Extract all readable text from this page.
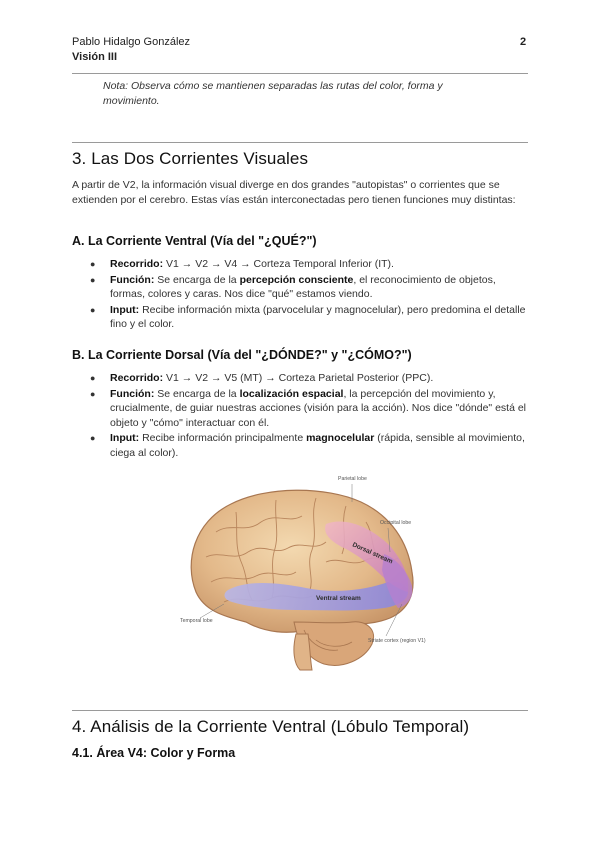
Pablo Hidalgo González	2
Visión III
Nota: Observa cómo se mantienen separadas las rutas del color, forma y movimiento.
3. Las Dos Corrientes Visuales

A partir de V2, la información visual diverge en dos grandes "autopistas" o corrientes que se extienden por el cerebro. Estas vías están interconectadas pero tienen funciones muy distintas:

A. La Corriente Ventral (Vía del "¿QUÉ?")
● Recorrido: V1 → V2 → V4 → Corteza Temporal Inferior (IT).
● Función: Se encarga de la percepción consciente, el reconocimiento de objetos, formas, colores y caras. Nos dice "qué" estamos viendo.
● Input: Recibe información mixta (parvocelular y magnocelular), pero predomina el detalle fino y el color.
B. La Corriente Dorsal (Vía del "¿DÓNDE?" y "¿CÓMO?")
● Recorrido: V1 → V2 → V5 (MT) → Corteza Parietal Posterior (PPC).
● Función: Se encarga de la localización espacial, la percepción del movimiento y, crucialmente, de guiar nuestras acciones (visión para la acción). Nos dice "dónde" está el objeto y "cómo" interactuar con él.
● Input: Recibe información principalmente magnocelular (rápida, sensible al movimiento, ciega al color).
Dorsal stream
Ventral stream
Parietal lobe
Occipital lobe
Temporal lobe
Striate cortex (region V1)
4. Análisis de la Corriente Ventral (Lóbulo Temporal)
4.1. Área V4: Color y Forma
